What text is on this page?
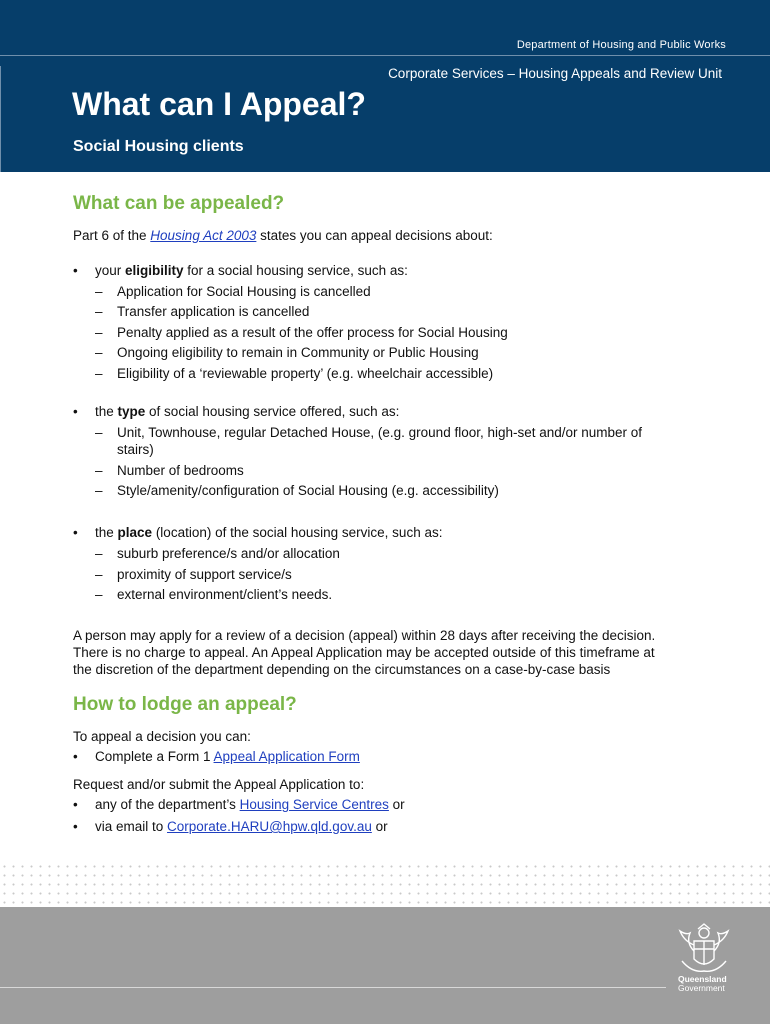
Department of Housing and Public Works
Corporate Services – Housing Appeals and Review Unit
What can I Appeal?
Social Housing clients
What can be appealed?
Part 6 of the Housing Act 2003 states you can appeal decisions about:
•	your eligibility for a social housing service, such as:
– Application for Social Housing is cancelled
– Transfer application is cancelled
– Penalty applied as a result of the offer process for Social Housing
– Ongoing eligibility to remain in Community or Public Housing
– Eligibility of a ‘reviewable property’ (e.g. wheelchair accessible)
•	the type of social housing service offered, such as:
– Unit, Townhouse, regular Detached House, (e.g. ground floor, high-set and/or number of
stairs)
– Number of bedrooms
– Style/amenity/configuration of Social Housing (e.g. accessibility)
•	the place (location) of the social housing service, such as:
– suburb preference/s and/or allocation
– proximity of support service/s
– external environment/client’s needs.
A person may apply for a review of a decision (appeal) within 28 days after receiving the decision.
There is no charge to appeal. An Appeal Application may be accepted outside of this timeframe at
the discretion of the department depending on the circumstances on a case-by-case basis
How to lodge an appeal?
To appeal a decision you can:
•	Complete a Form 1 Appeal Application Form
Request and/or submit the Appeal Application to:
•	any of the department’s Housing Service Centres or
•	via email to Corporate.HARU@hpw.qld.gov.au or
Queensland
Government
